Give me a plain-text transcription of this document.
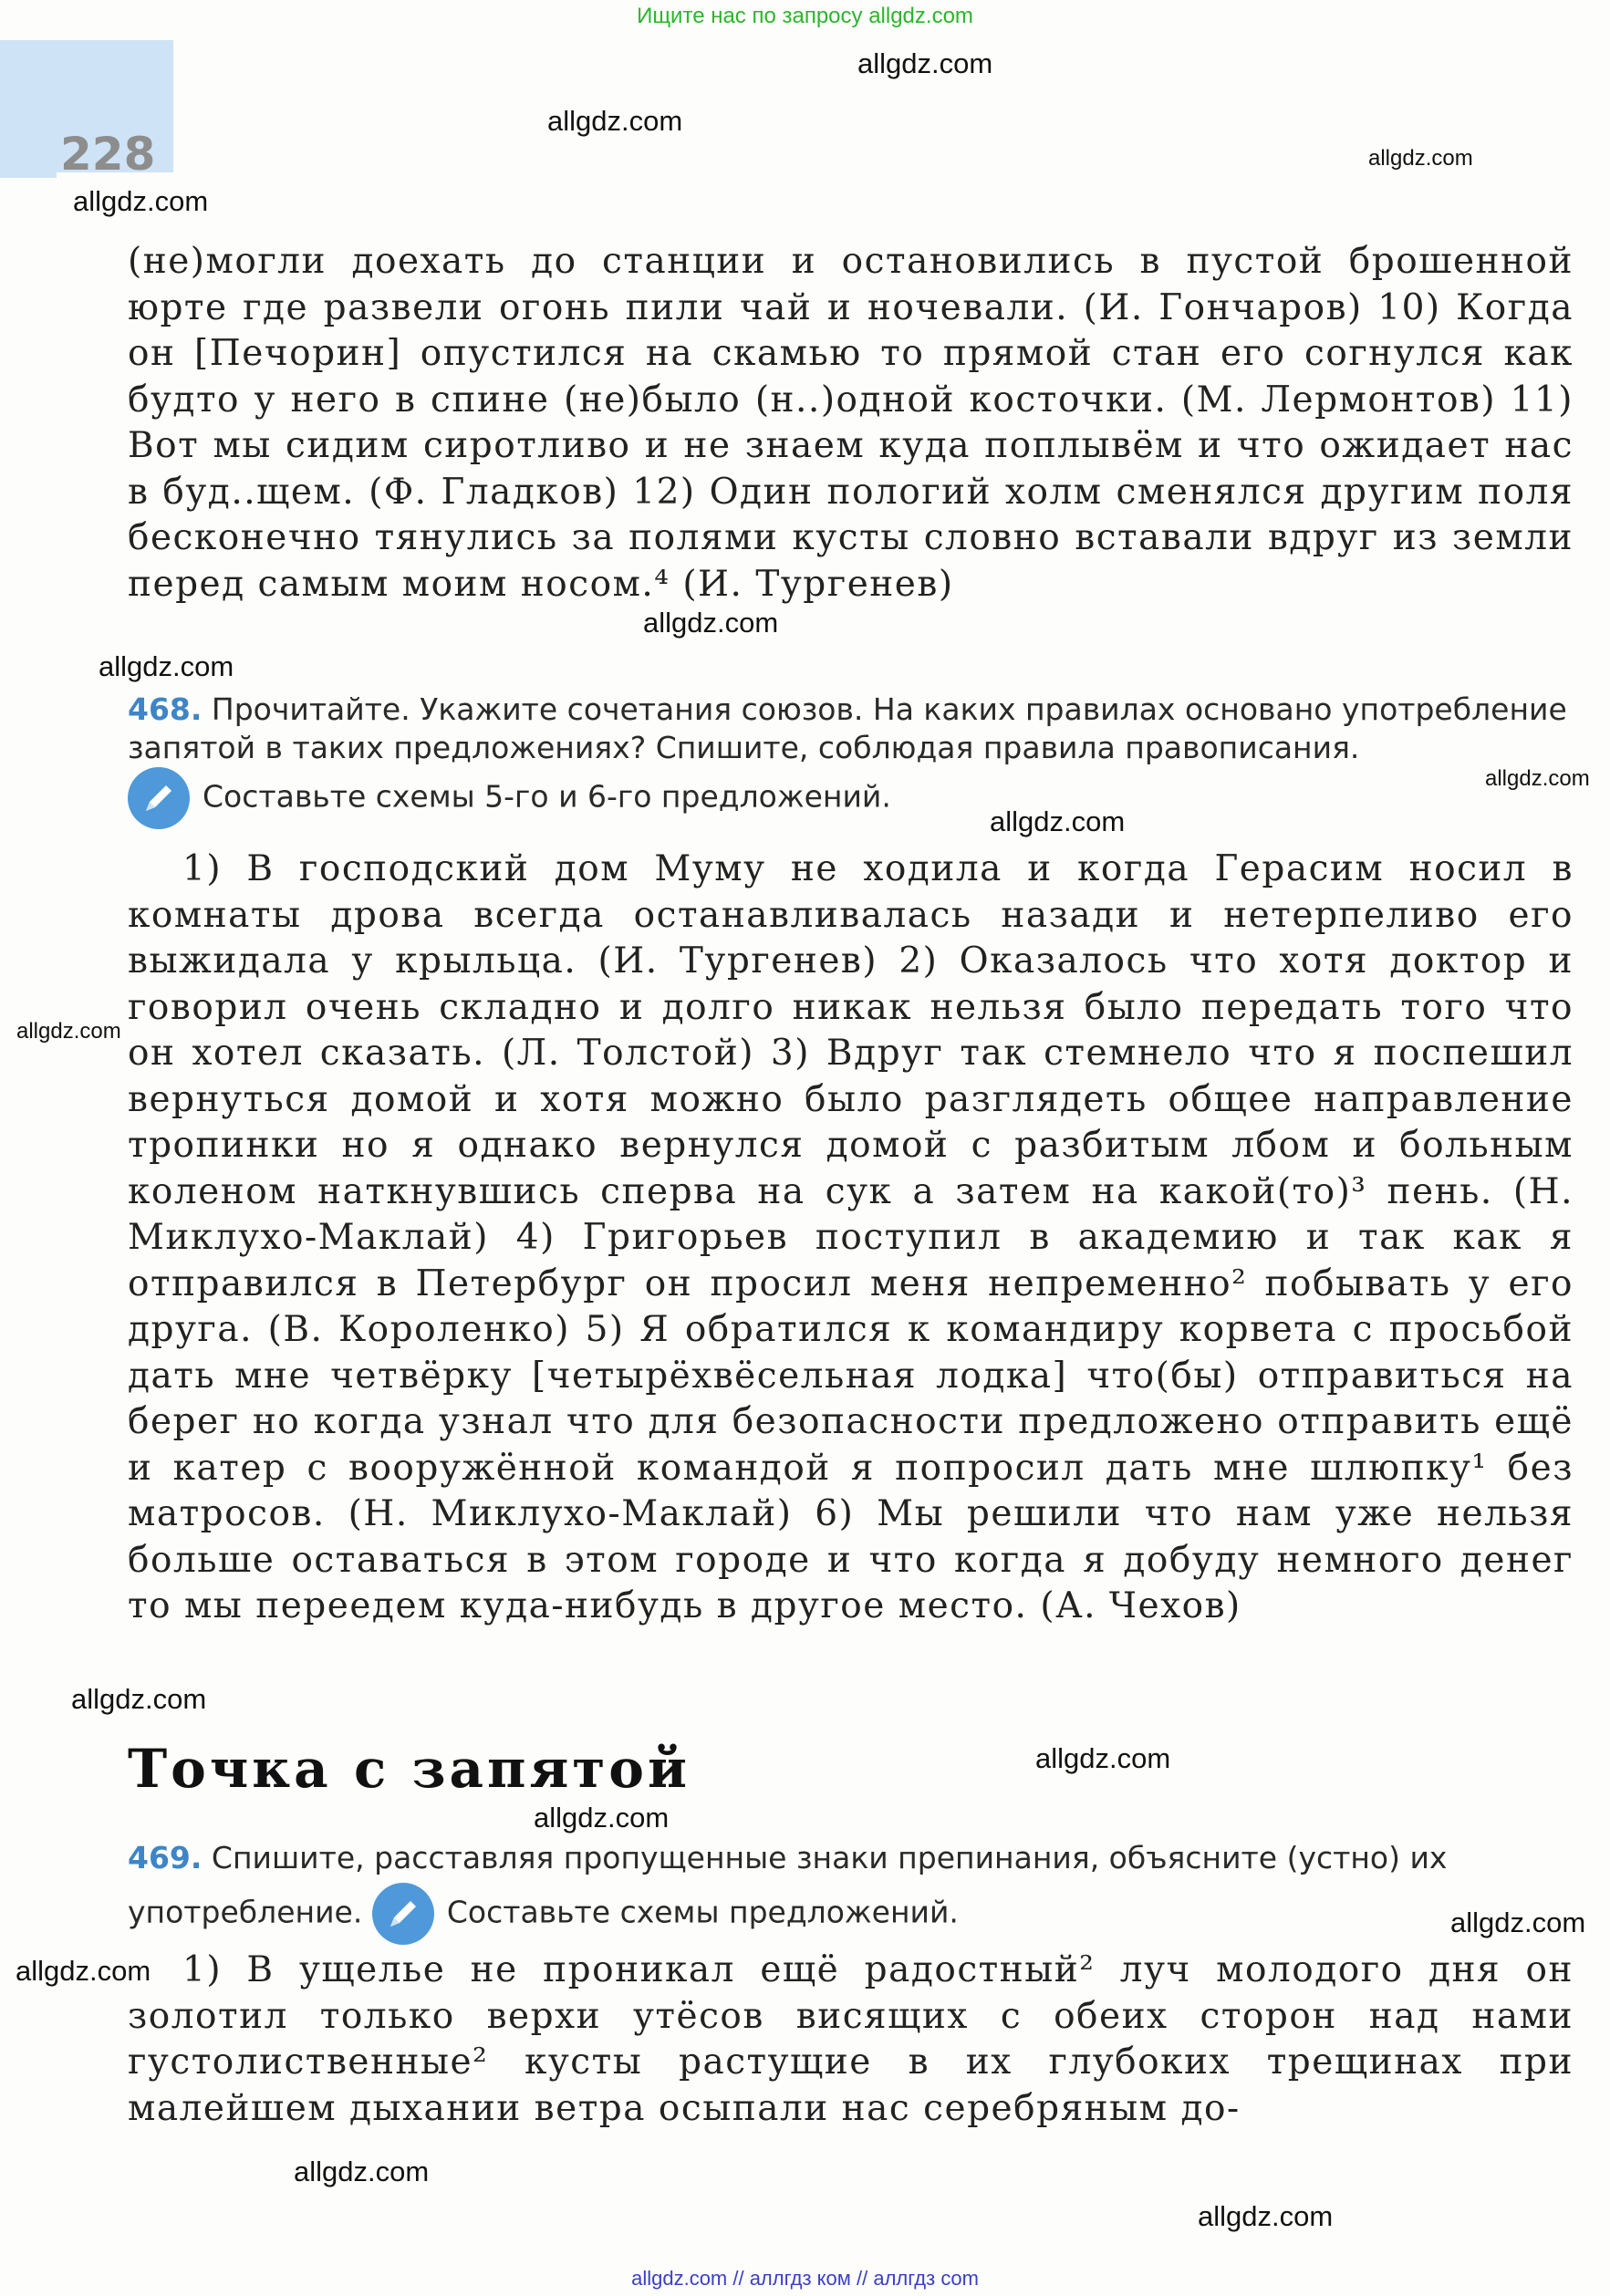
Ищите нас по запросу allgdz.com
228
allgdz.com
allgdz.com
allgdz.com
allgdz.com
allgdz.com
allgdz.com
allgdz.com
allgdz.com
allgdz.com
allgdz.com
allgdz.com
allgdz.com
allgdz.com
allgdz.com
allgdz.com
allgdz.com

(не)могли доехать до станции и остановились в пустой брошенной юрте где развели огонь пили чай и ночевали. (И. Гончаров) 10) Когда он [Печорин] опустился на скамью то прямой стан его согнулся как будто у него в спине (не)было (н..)одной косточки. (М. Лермонтов) 11) Вот мы сидим сиротливо и не знаем куда поплывём и что ожидает нас в буд..щем. (Ф. Гладков) 12) Один пологий холм сменялся другим поля бесконечно тянулись за полями кусты словно вставали вдруг из земли перед самым моим носом.⁴ (И. Тургенев)

468. Прочитайте. Укажите сочетания союзов. На каких правилах основано употребление запятой в таких предложениях? Спишите, соблюдая правила правописания.

Составьте схемы 5-го и 6-го предложений.

1) В господский дом Муму не ходила и когда Герасим носил в комнаты дрова всегда останавливалась назади и нетерпеливо его выжидала у крыльца. (И. Тургенев) 2) Оказалось что хотя доктор и говорил очень складно и долго никак нельзя было передать того что он хотел сказать. (Л. Толстой) 3) Вдруг так стемнело что я поспешил вернуться домой и хотя можно было разглядеть общее направление тропинки но я однако вернулся домой с разбитым лбом и больным коленом наткнувшись сперва на сук а затем на какой(то)³ пень. (Н. Миклухо-Маклай) 4) Григорьев поступил в академию и так как я отправился в Петербург он просил меня непременно² побывать у его друга. (В. Короленко) 5) Я обратился к командиру корвета с просьбой дать мне четвёрку [четырёхвёсельная лодка] что(бы) отправиться на берег но когда узнал что для безопасности предложено отправить ещё и катер с вооружённой командой я попросил дать мне шлюпку¹ без матросов. (Н. Миклухо-Маклай) 6) Мы решили что нам уже нельзя больше оставаться в этом городе и что когда я добуду немного денег то мы переедем куда-нибудь в другое место. (А. Чехов)

Точка с запятой
469. Спишите, расставляя пропущенные знаки препинания, объясните (устно) их употребление.	Составьте схемы предложений.

1) В ущелье не проникал ещё радостный² луч молодого дня он золотил только верхи утёсов висящих с обеих сторон над нами густолиственные² кусты растущие в их глубоких трещинах при малейшем дыхании ветра осыпали нас серебряным до-

allgdz.com // аллгдз ком // аллгдз com
